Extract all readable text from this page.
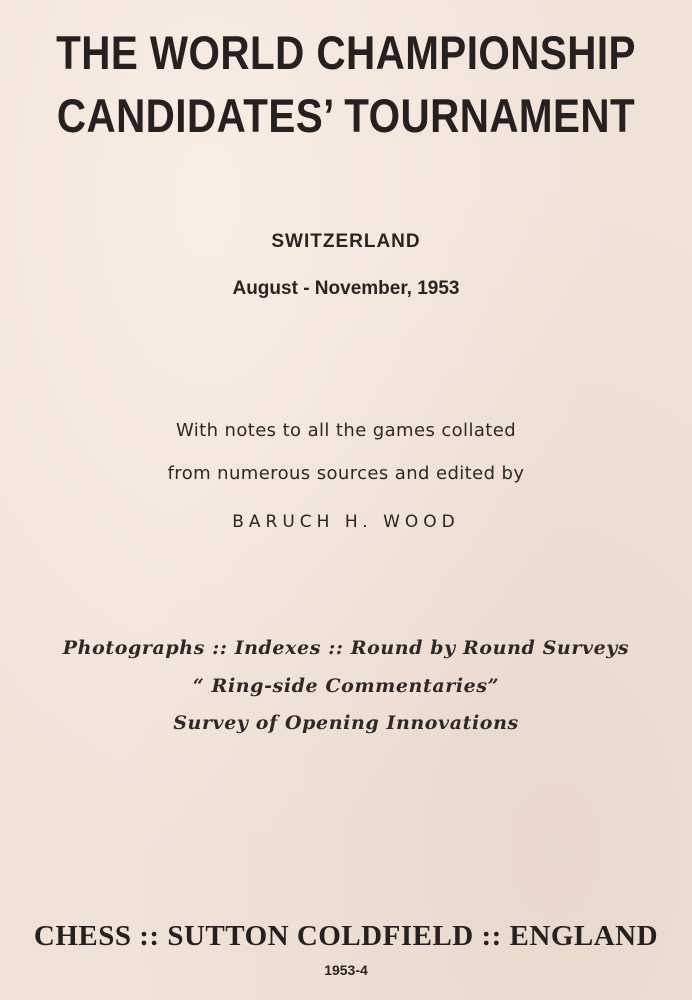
THE WORLD CHAMPIONSHIP
CANDIDATES’ TOURNAMENT
SWITZERLAND
August - November, 1953
With notes to all the games collated
from numerous sources and edited by
BARUCH H. WOOD
Photographs :: Indexes :: Round by Round Surveys
“ Ring-side Commentaries”
Survey of Opening Innovations
CHESS :: SUTTON COLDFIELD :: ENGLAND
1953-4
